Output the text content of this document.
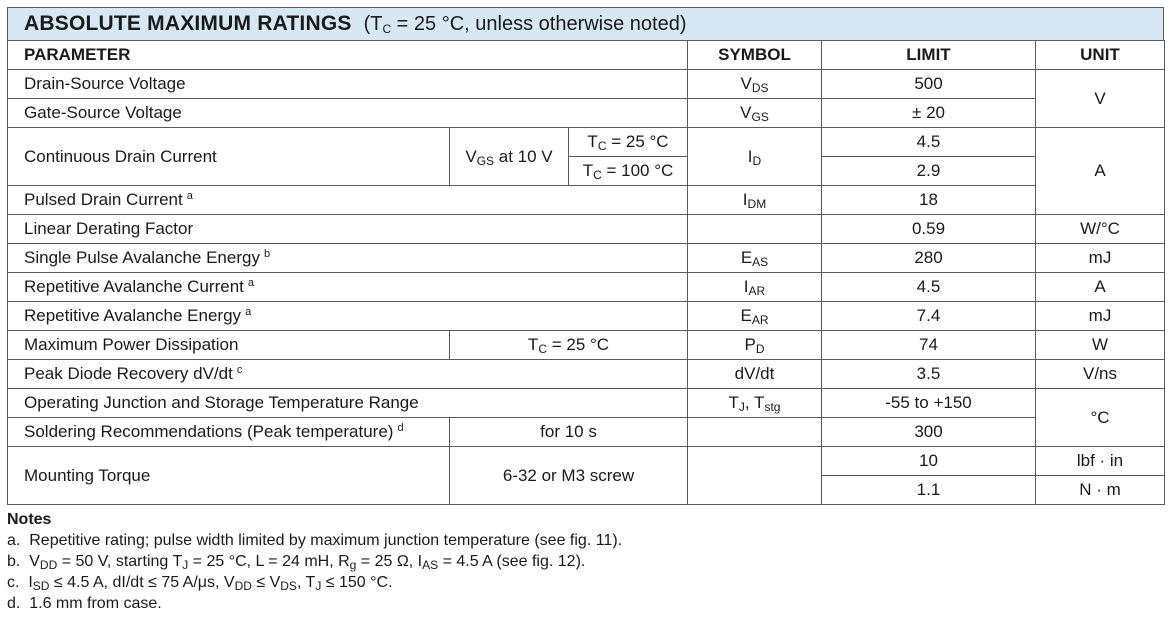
ABSOLUTE MAXIMUM RATINGS ($T_C = 25$ °C, unless otherwise noted)
PARAMETER			SYMBOL	LIMIT	UNIT
Drain-Source Voltage			$V_{DS}$	500	V
Gate-Source Voltage			$V_{GS}$	± 20	
Continuous Drain Current	$V_{GS}$ at 10 V	$T_C = 25$ °C	$I_D$	4.5	A
		$T_C = 100$ °C		2.9	
Pulsed Drain Current $^a$			$I_{DM}$	18	
Linear Derating Factor				0.59	W/°C
Single Pulse Avalanche Energy $^b$			$E_{AS}$	280	mJ
Repetitive Avalanche Current $^a$			$I_{AR}$	4.5	A
Repetitive Avalanche Energy $^a$			$E_{AR}$	7.4	mJ
Maximum Power Dissipation	$T_C = 25$ °C		$P_D$	74	W
Peak Diode Recovery dV/dt $^c$			dV/dt	3.5	V/ns
Operating Junction and Storage Temperature Range			$T_J$, $T_{stg}$	-55 to +150	°C
Soldering Recommendations (Peak temperature) $^d$	for 10 s			300	
Mounting Torque	6-32 or M3 screw			10	lbf · in
				1.1	N · m
Notes
a. Repetitive rating; pulse width limited by maximum junction temperature (see fig. 11).
b. $V_{DD} = 50$ V, starting $T_J = 25$ °C, L = 24 mH, $R_g = 25$ Ω, $I_{AS} = 4.5$ A (see fig. 12).
c. $I_{SD} \le 4.5$ A, dI/dt ≤ 75 A/μs, $V_{DD} \le V_{DS}$, $T_J \le 150$ °C.
d. 1.6 mm from case.
